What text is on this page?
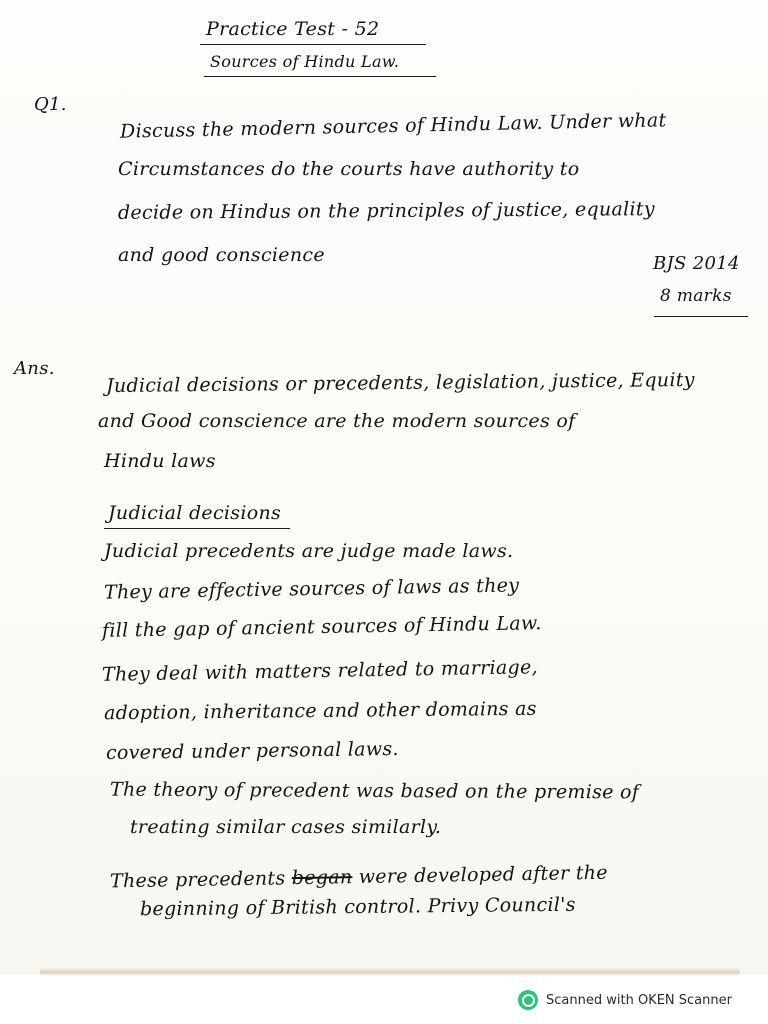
Practice Test - 52

Sources of Hindu Law.

Q1.

Discuss the modern sources of Hindu Law. Under what

Circumstances do the courts have authority to

decide on Hindus on the principles of justice, equality

and good conscience	BJS 2014

8 marks

Ans.

Judicial decisions or precedents, legislation, justice, Equity

and Good conscience are the modern sources of

Hindu laws

Judicial decisions

Judicial precedents are judge made laws.

They are effective sources of laws as they

fill the gap of ancient sources of Hindu Law.

They deal with matters related to marriage,

adoption, inheritance and other domains as

covered under personal laws.

The theory of precedent was based on the premise of

treating similar cases similarly.

These precedents began were developed after the

beginning of British control. Privy Council's

Scanned with OKEN Scanner
